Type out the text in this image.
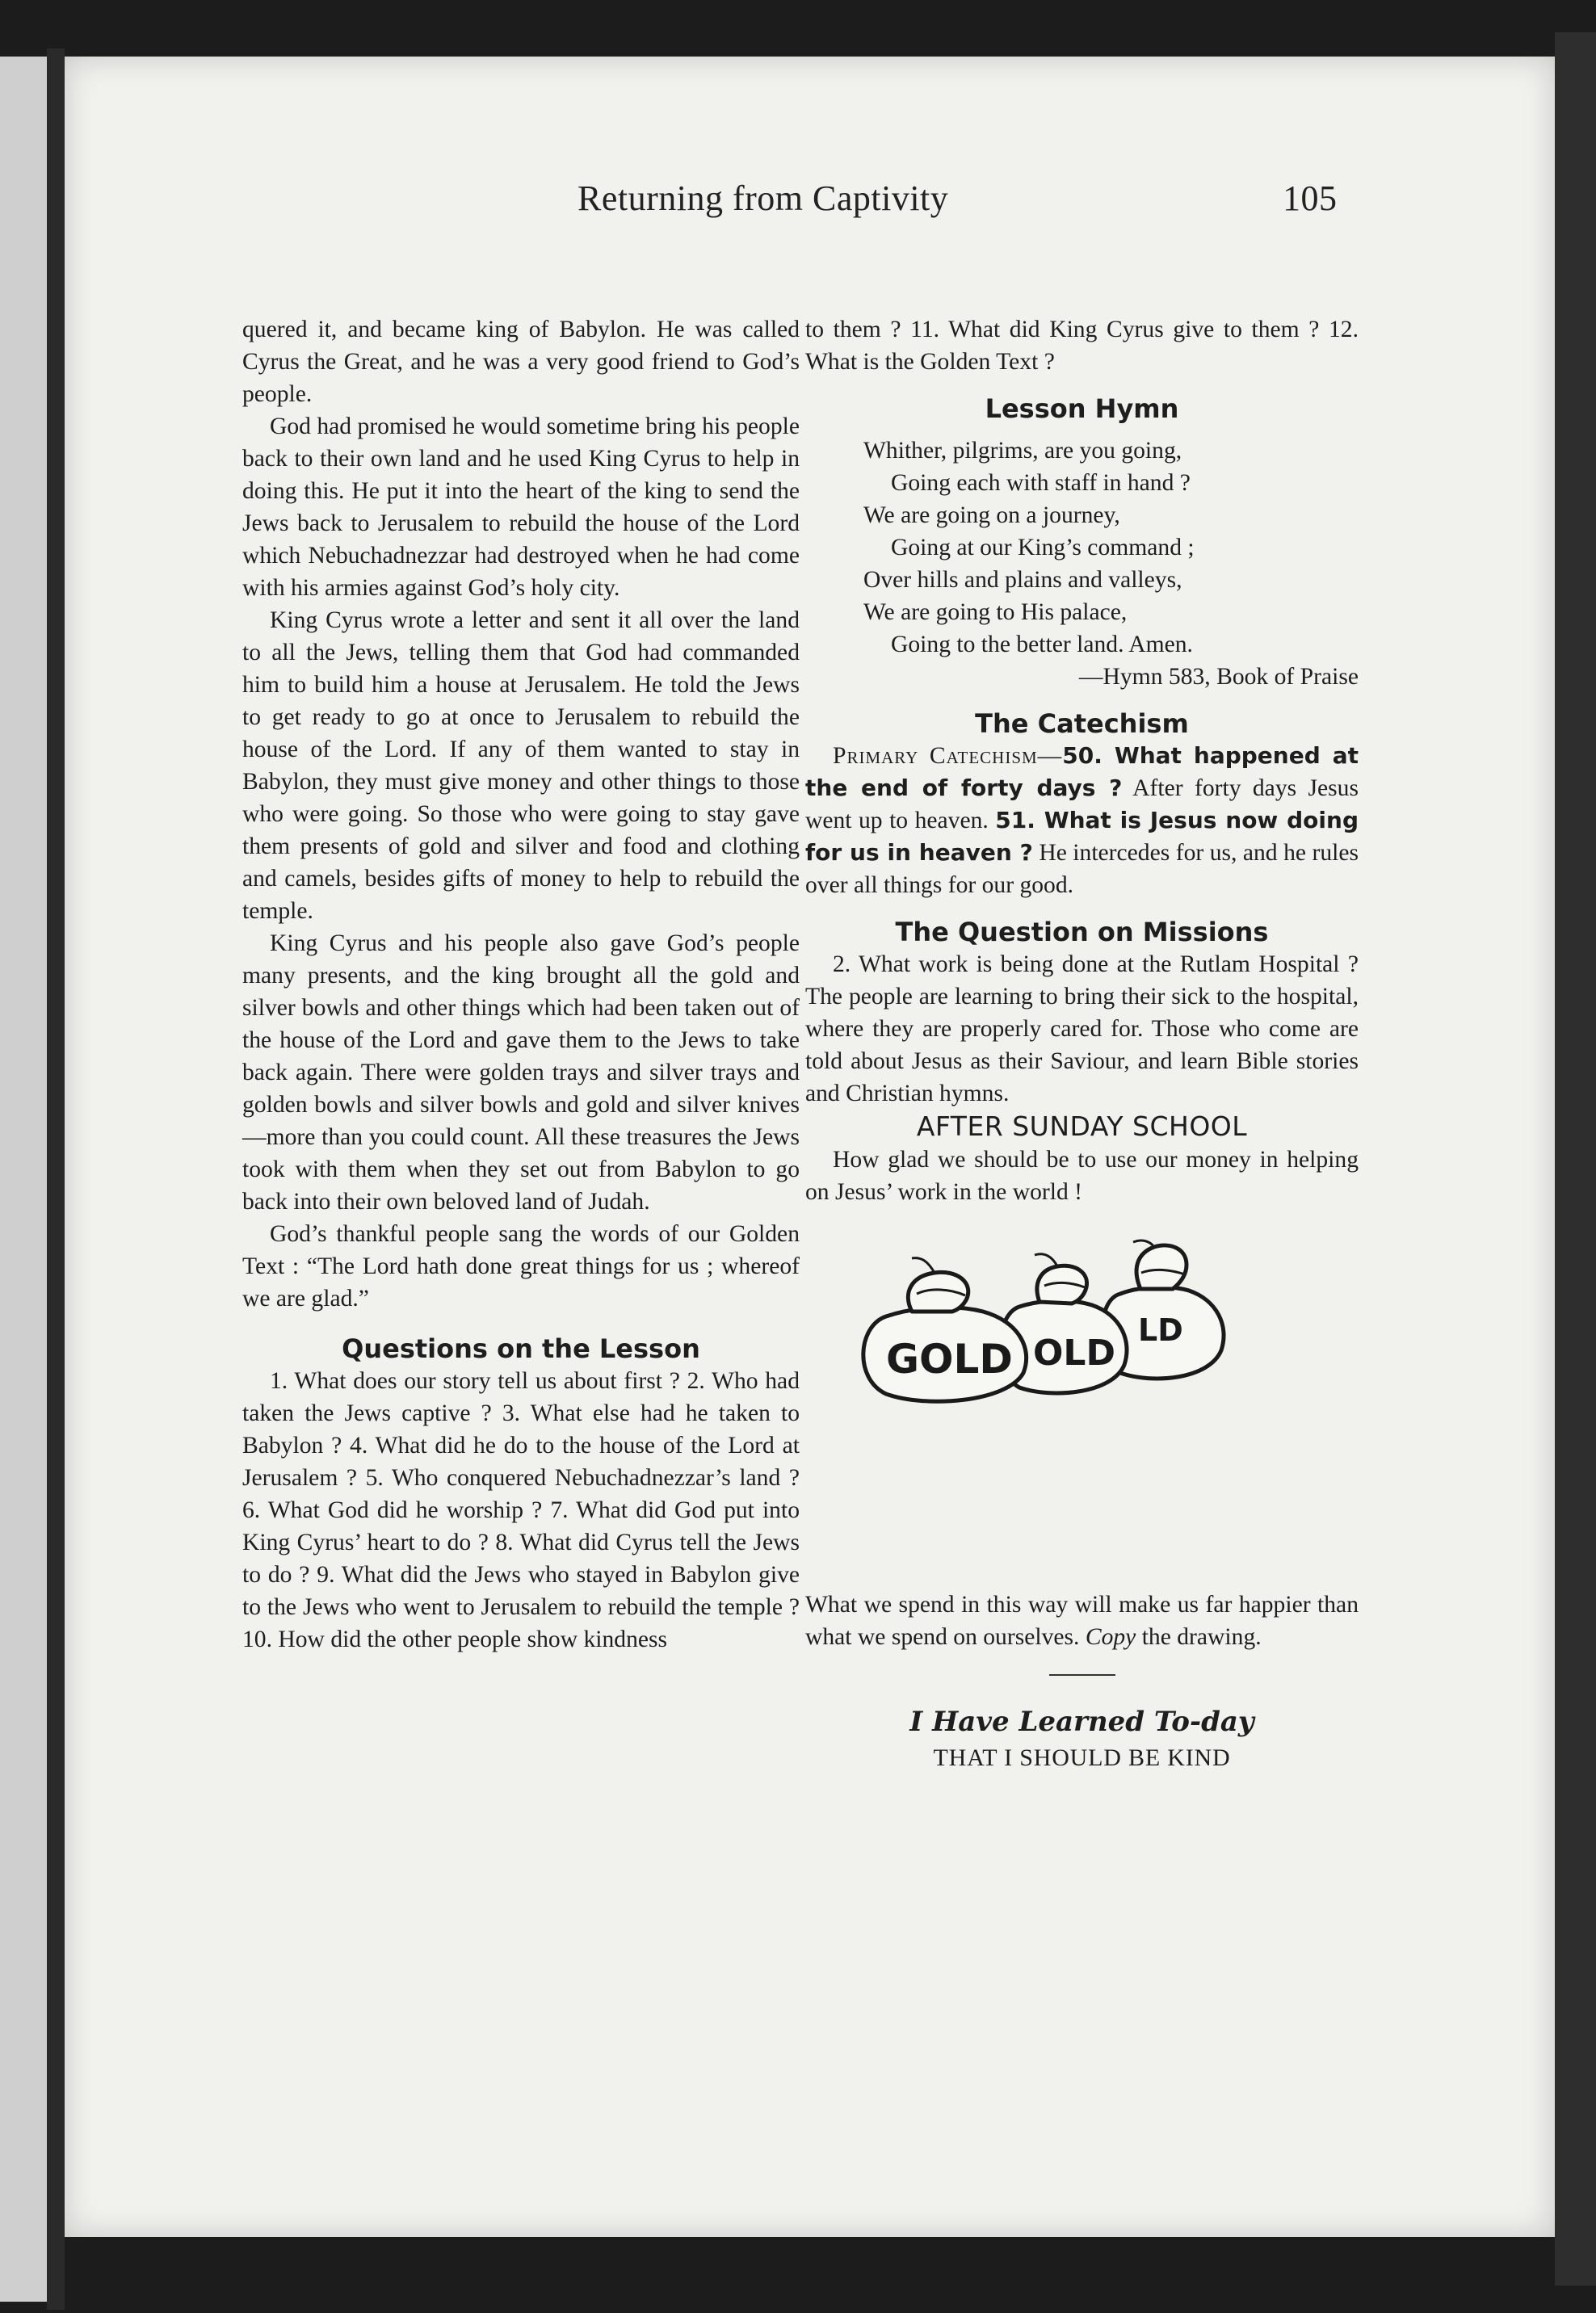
Returning from Captivity	105

quered it, and became king of Babylon. He was called Cyrus the Great, and he was a very good friend to God’s people.

God had promised he would sometime bring his people back to their own land and he used King Cyrus to help in doing this. He put it into the heart of the king to send the Jews back to Jerusalem to rebuild the house of the Lord which Nebuchadnezzar had destroyed when he had come with his armies against God’s holy city.

King Cyrus wrote a letter and sent it all over the land to all the Jews, telling them that God had commanded him to build him a house at Jerusalem. He told the Jews to get ready to go at once to Jerusalem to rebuild the house of the Lord. If any of them wanted to stay in Babylon, they must give money and other things to those who were going. So those who were going to stay gave them presents of gold and silver and food and clothing and camels, besides gifts of money to help to rebuild the temple.

King Cyrus and his people also gave God’s people many presents, and the king brought all the gold and silver bowls and other things which had been taken out of the house of the Lord and gave them to the Jews to take back again. There were golden trays and silver trays and golden bowls and silver bowls and gold and silver knives—more than you could count. All these treasures the Jews took with them when they set out from Babylon to go back into their own beloved land of Judah.

God’s thankful people sang the words of our Golden Text : “The Lord hath done great things for us ; whereof we are glad.”

Questions on the Lesson

1. What does our story tell us about first ? 2. Who had taken the Jews captive ? 3. What else had he taken to Babylon ? 4. What did he do to the house of the Lord at Jerusalem ? 5. Who conquered Nebuchadnezzar’s land ? 6. What God did he worship ? 7. What did God put into King Cyrus’ heart to do ? 8. What did Cyrus tell the Jews to do ? 9. What did the Jews who stayed in Babylon give to the Jews who went to Jerusalem to rebuild the temple ? 10. How did the other people show kindness

to them ? 11. What did King Cyrus give to them ? 12. What is the Golden Text ?

Lesson Hymn
Whither, pilgrims, are you going,
Going each with staff in hand ?
We are going on a journey,
Going at our King’s command ;
Over hills and plains and valleys,
We are going to His palace,
Going to the better land. Amen.
—Hymn 583, Book of Praise
The Catechism

Primary Catechism—50. What happened at the end of forty days ? After forty days Jesus went up to heaven. 51. What is Jesus now doing for us in heaven ? He intercedes for us, and he rules over all things for our good.

The Question on Missions

2. What work is being done at the Rutlam Hospital ? The people are learning to bring their sick to the hospital, where they are properly cared for. Those who come are told about Jesus as their Saviour, and learn Bible stories and Christian hymns.

AFTER SUNDAY SCHOOL

How glad we should be to use our money in helping on Jesus’ work in the world !

GOLD OLD
LD

What we spend in this way will make us far happier than what we spend on ourselves. Copy the drawing.

I Have Learned To-day

THAT I SHOULD BE KIND
